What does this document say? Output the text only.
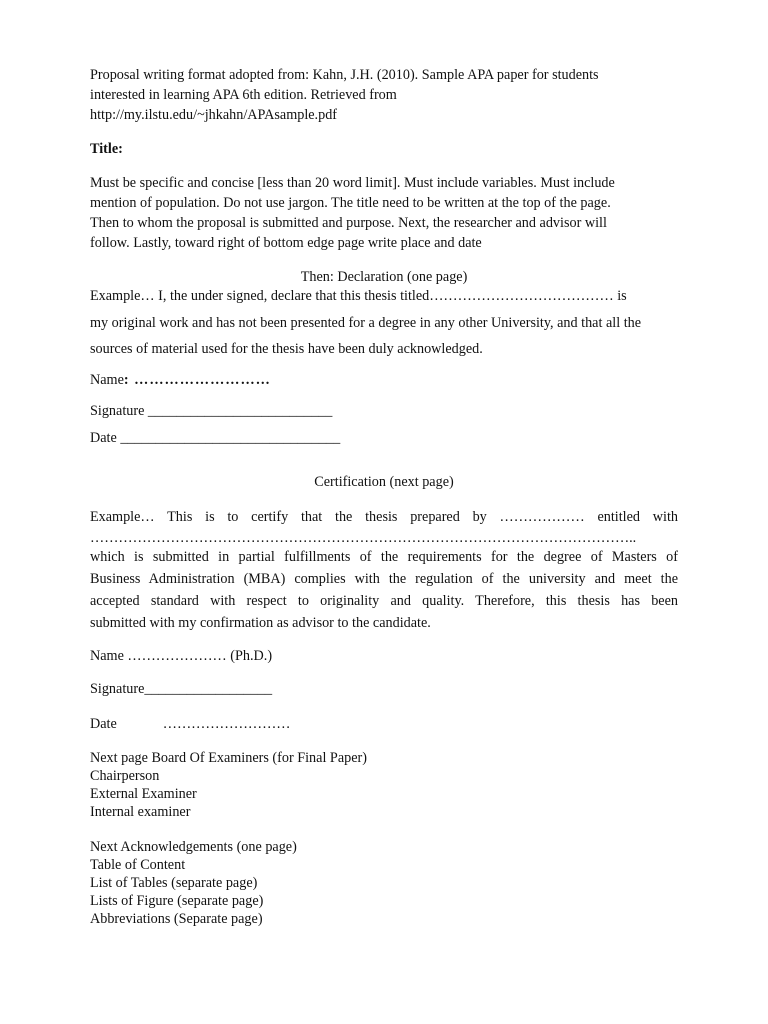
Proposal writing format adopted from: Kahn, J.H. (2010). Sample APA paper for students
interested in learning APA 6th edition. Retrieved from
http://my.ilstu.edu/~jhkahn/APAsample.pdf
Title:
Must be specific and concise [less than 20 word limit]. Must include variables. Must include
mention of population. Do not use jargon. The title need to be written at the top of the page.
Then to whom the proposal is submitted and purpose. Next, the researcher and advisor will
follow. Lastly, toward right of bottom edge page write place and date
Then: Declaration (one page)
Example… I, the under signed, declare that this thesis titled………………………………… is
my original work and has not been presented for a degree in any other University, and that all the
sources of material used for the thesis have been duly acknowledged.
Name: ………………………
Signature __________________________
Date _______________________________
Certification (next page)
Example… This is to certify that the thesis prepared by ……………… entitled with
……………………………………………………………………………………………………..
which is submitted in partial fulfillments of the requirements for the degree of Masters of
Business Administration (MBA) complies with the regulation of the university and meet the
accepted standard with respect to originality and quality. Therefore, this thesis has been
submitted with my confirmation as advisor to the candidate.
Name ………………… (Ph.D.)
Signature__________________
Date	………………………
Next page Board Of Examiners (for Final Paper)
Chairperson
External Examiner
Internal examiner
Next Acknowledgements (one page)
Table of Content
List of Tables (separate page)
Lists of Figure (separate page)
Abbreviations (Separate page)
